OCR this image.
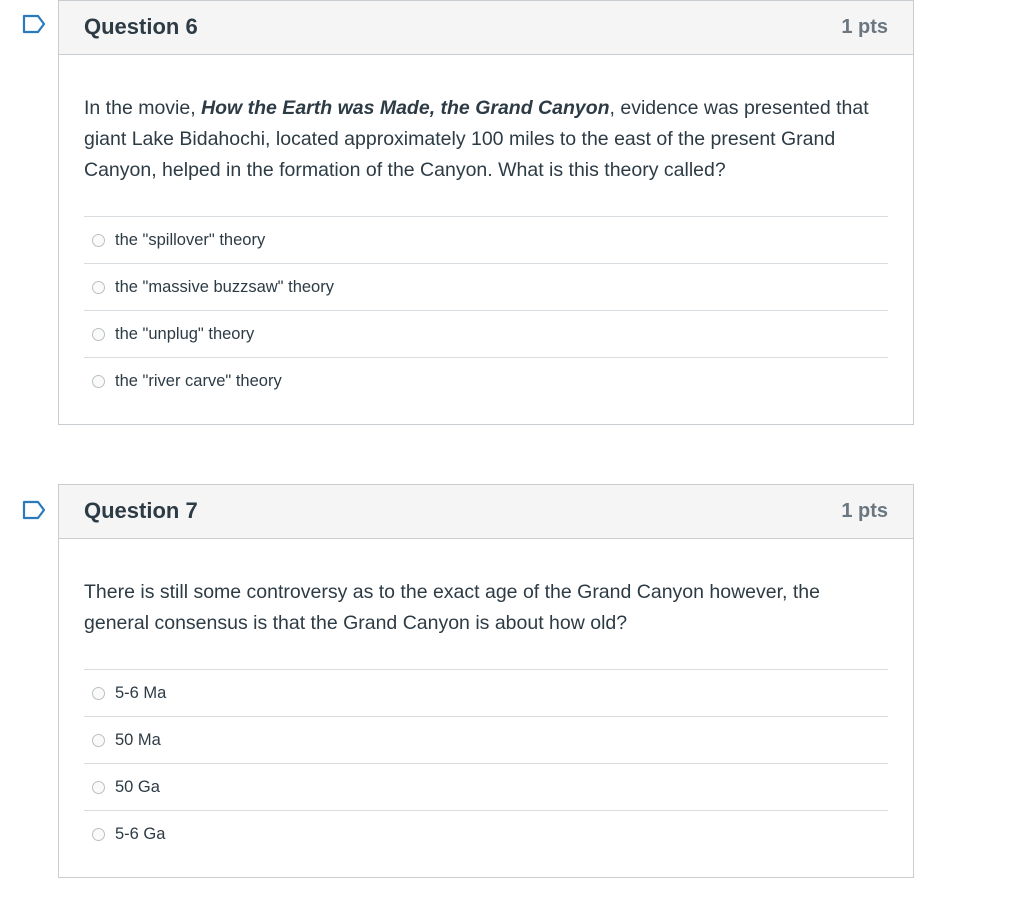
Question 6	1 pts

In the movie, How the Earth was Made, the Grand Canyon, evidence was presented that giant Lake Bidahochi, located approximately 100 miles to the east of the present Grand Canyon, helped in the formation of the Canyon. What is this theory called?

the "spillover" theory
the "massive buzzsaw" theory
the "unplug" theory
the "river carve" theory
Question 7	1 pts

There is still some controversy as to the exact age of the Grand Canyon however, the general consensus is that the Grand Canyon is about how old?

5-6 Ma
50 Ma
50 Ga
5-6 Ga
